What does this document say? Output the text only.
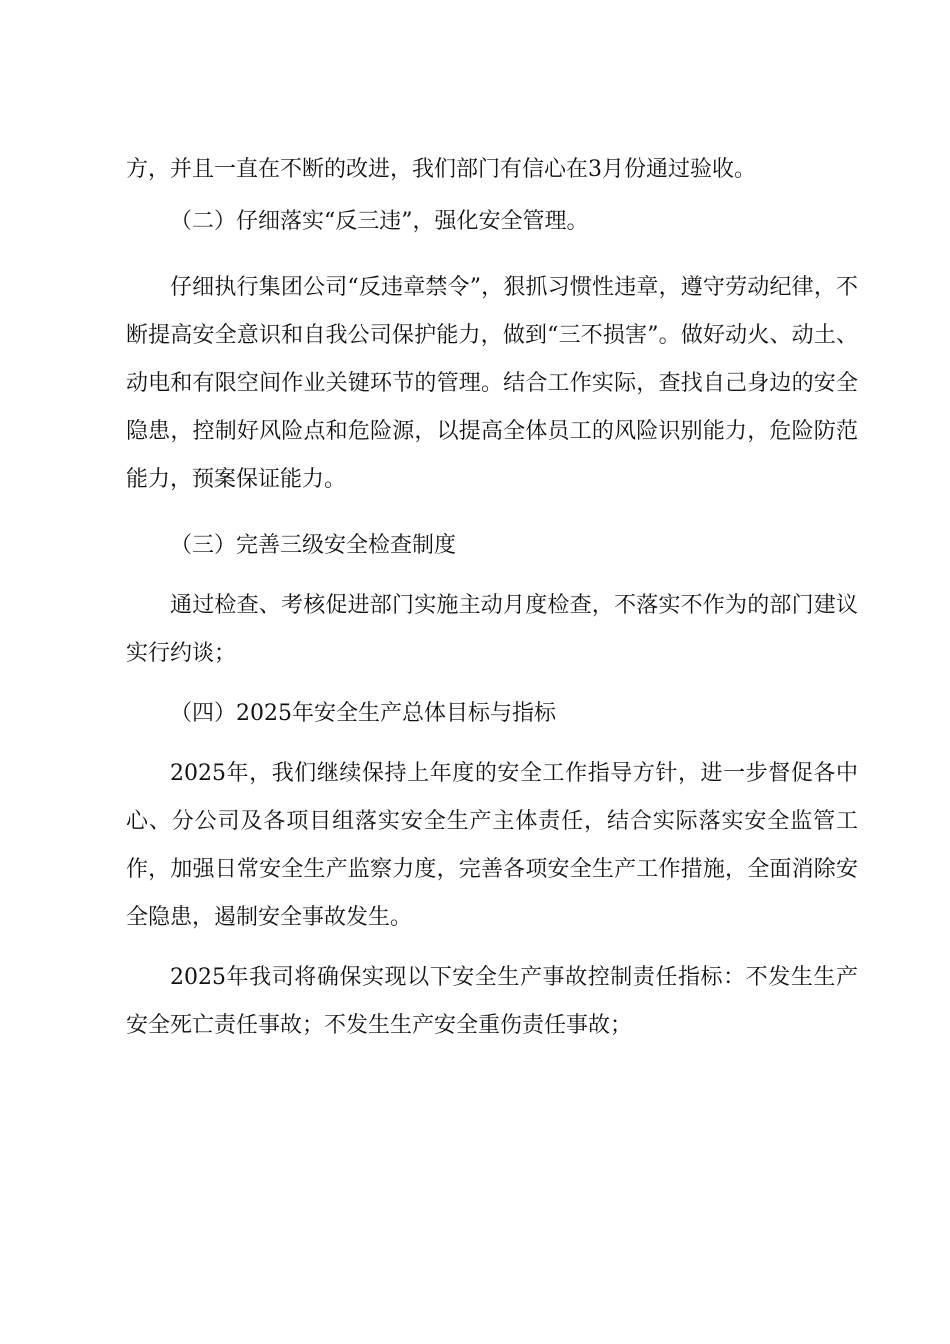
方，并且一直在不断的改进，我们部门有信心在3月份通过验收。

（二）仔细落实“反三违”，强化安全管理。

仔细执行集团公司“反违章禁令”，狠抓习惯性违章，遵守劳动纪律，不断提高安全意识和自我公司保护能力，做到“三不损害”。做好动火、动土、动电和有限空间作业关键环节的管理。结合工作实际，查找自己身边的安全隐患，控制好风险点和危险源，以提高全体员工的风险识别能力，危险防范能力，预案保证能力。

（三）完善三级安全检查制度

通过检查、考核促进部门实施主动月度检查，不落实不作为的部门建议实行约谈；

（四）2025年安全生产总体目标与指标

2025年，我们继续保持上年度的安全工作指导方针，进一步督促各中心、分公司及各项目组落实安全生产主体责任，结合实际落实安全监管工作，加强日常安全生产监察力度，完善各项安全生产工作措施，全面消除安全隐患，遏制安全事故发生。

2025年我司将确保实现以下安全生产事故控制责任指标：不发生生产安全死亡责任事故；不发生生产安全重伤责任事故；
